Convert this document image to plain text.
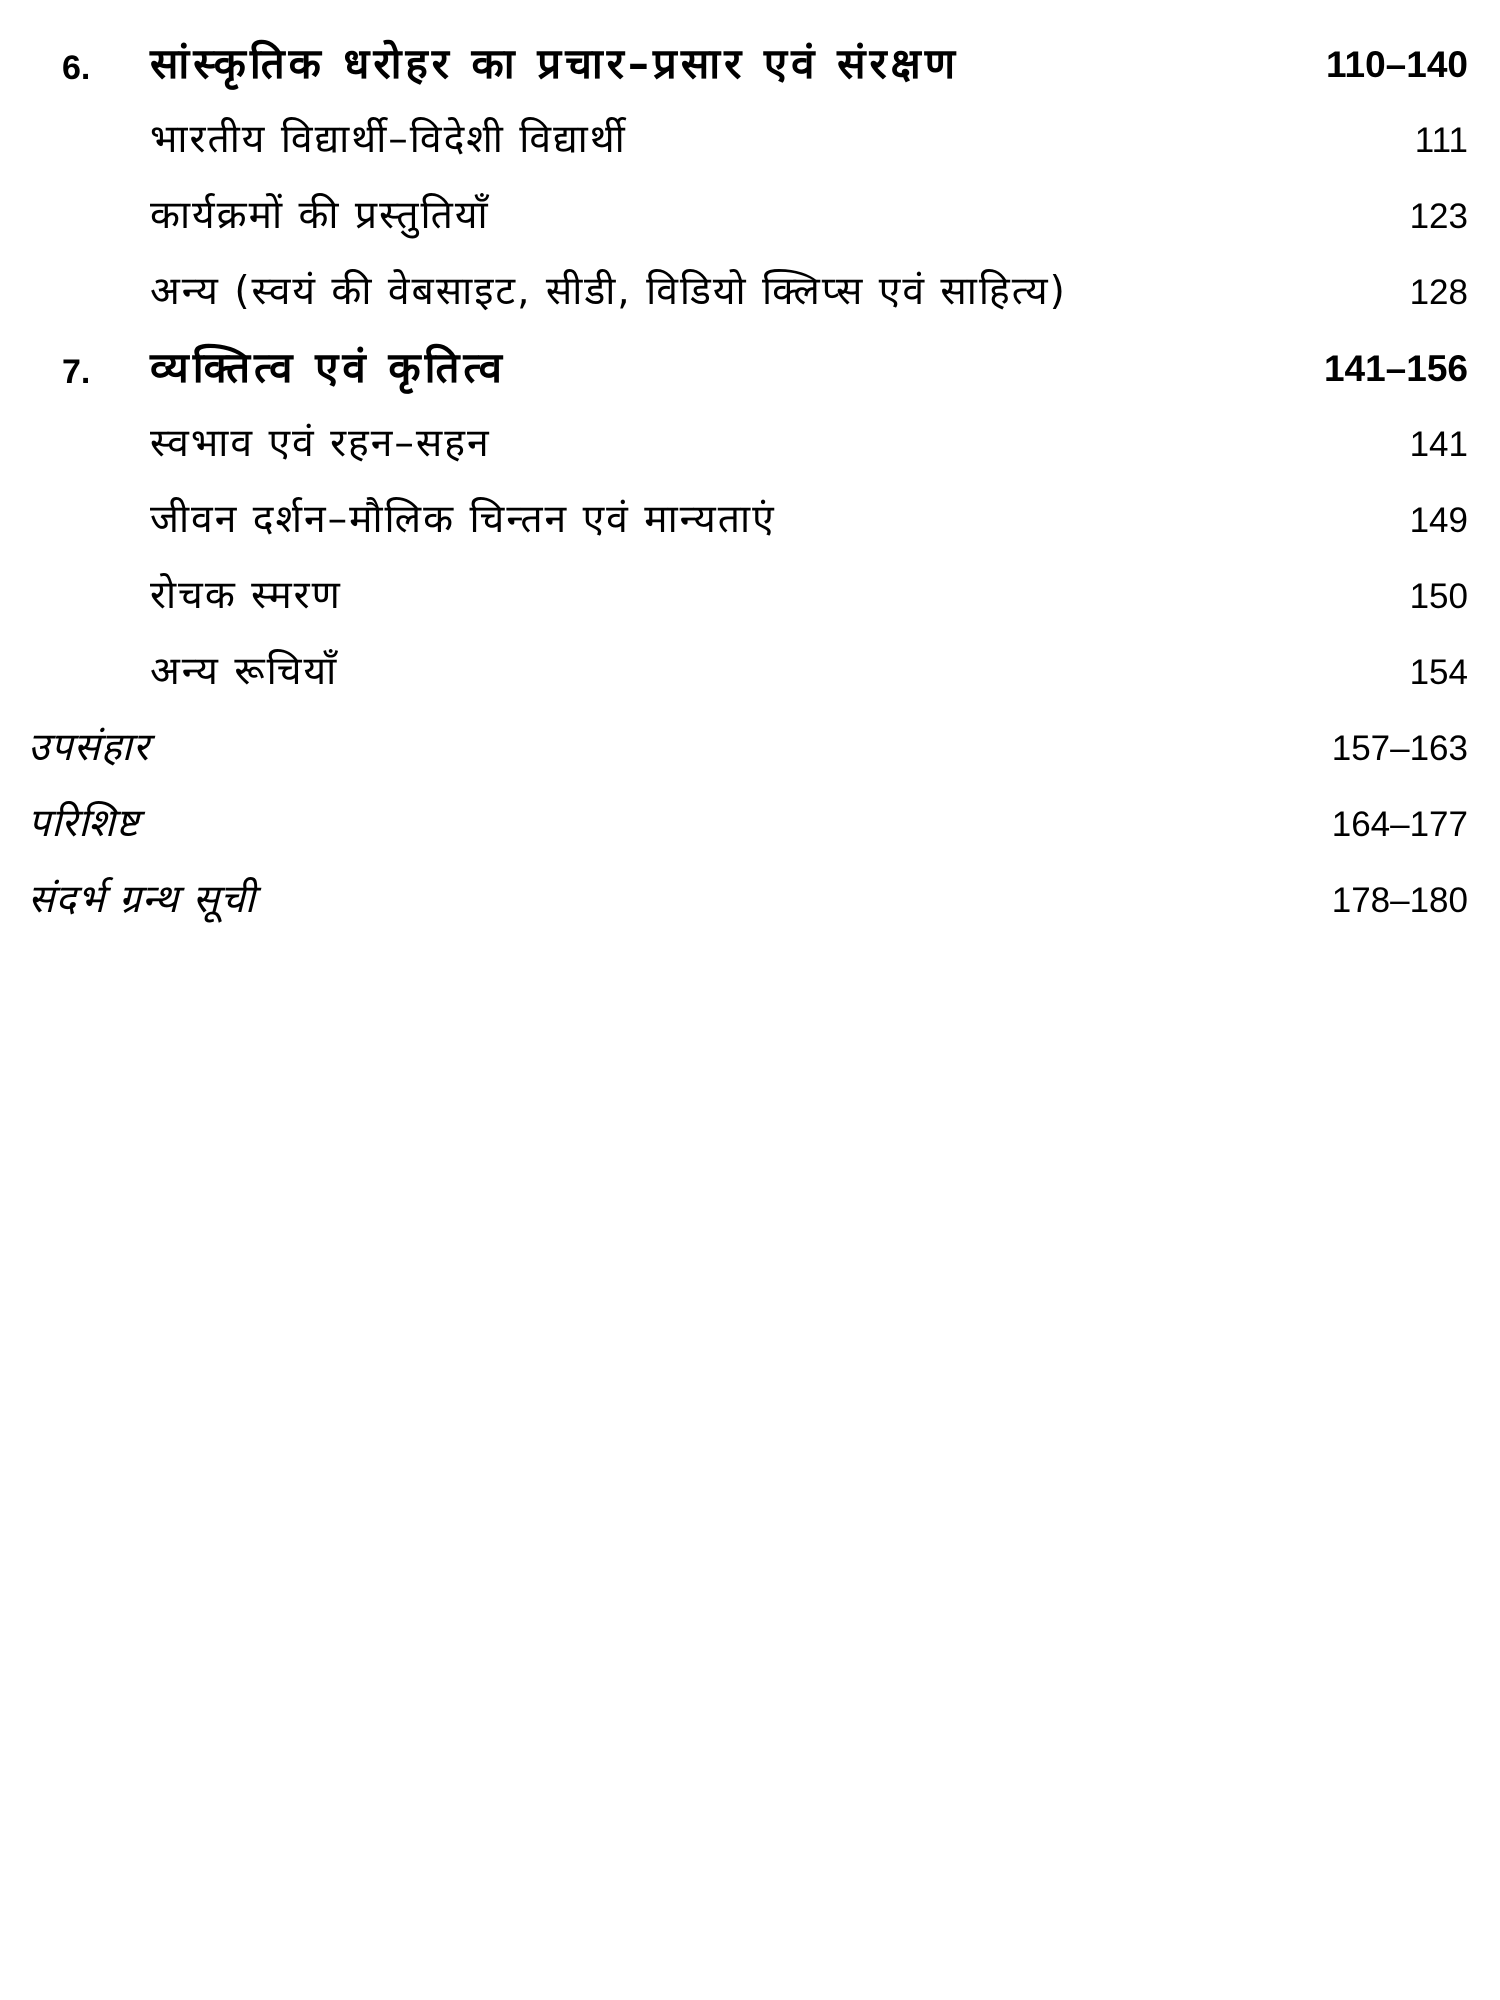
6. सांस्कृतिक धरोहर का प्रचार–प्रसार एवं संरक्षण	110–140
भारतीय विद्यार्थी–विदेशी विद्यार्थी	111
कार्यक्रमों की प्रस्तुतियाँ	123
अन्य (स्वयं की वेबसाइट, सीडी, विडियो क्लिप्स एवं साहित्य)	128
7. व्यक्तित्व एवं कृतित्व	141–156
स्वभाव एवं रहन–सहन	141
जीवन दर्शन–मौलिक चिन्तन एवं मान्यताएं	149
रोचक स्मरण	150
अन्य रूचियाँ	154
उपसंहार	157–163
परिशिष्ट	164–177
संदर्भ ग्रन्थ सूची	178–180
